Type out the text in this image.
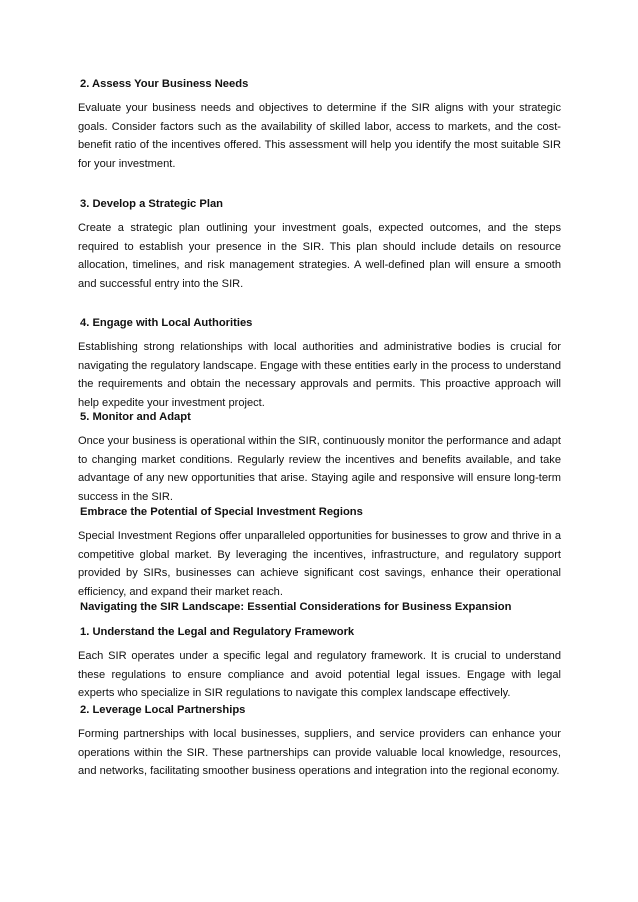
2. Assess Your Business Needs
Evaluate your business needs and objectives to determine if the SIR aligns with your strategic goals. Consider factors such as the availability of skilled labor, access to markets, and the cost-benefit ratio of the incentives offered. This assessment will help you identify the most suitable SIR for your investment.
3. Develop a Strategic Plan
Create a strategic plan outlining your investment goals, expected outcomes, and the steps required to establish your presence in the SIR. This plan should include details on resource allocation, timelines, and risk management strategies. A well-defined plan will ensure a smooth and successful entry into the SIR.
4. Engage with Local Authorities
Establishing strong relationships with local authorities and administrative bodies is crucial for navigating the regulatory landscape. Engage with these entities early in the process to understand the requirements and obtain the necessary approvals and permits. This proactive approach will help expedite your investment project.
5. Monitor and Adapt
Once your business is operational within the SIR, continuously monitor the performance and adapt to changing market conditions. Regularly review the incentives and benefits available, and take advantage of any new opportunities that arise. Staying agile and responsive will ensure long-term success in the SIR.
Embrace the Potential of Special Investment Regions
Special Investment Regions offer unparalleled opportunities for businesses to grow and thrive in a competitive global market. By leveraging the incentives, infrastructure, and regulatory support provided by SIRs, businesses can achieve significant cost savings, enhance their operational efficiency, and expand their market reach.
Navigating the SIR Landscape: Essential Considerations for Business Expansion
1. Understand the Legal and Regulatory Framework
Each SIR operates under a specific legal and regulatory framework. It is crucial to understand these regulations to ensure compliance and avoid potential legal issues. Engage with legal experts who specialize in SIR regulations to navigate this complex landscape effectively.
2. Leverage Local Partnerships
Forming partnerships with local businesses, suppliers, and service providers can enhance your operations within the SIR. These partnerships can provide valuable local knowledge, resources, and networks, facilitating smoother business operations and integration into the regional economy.
